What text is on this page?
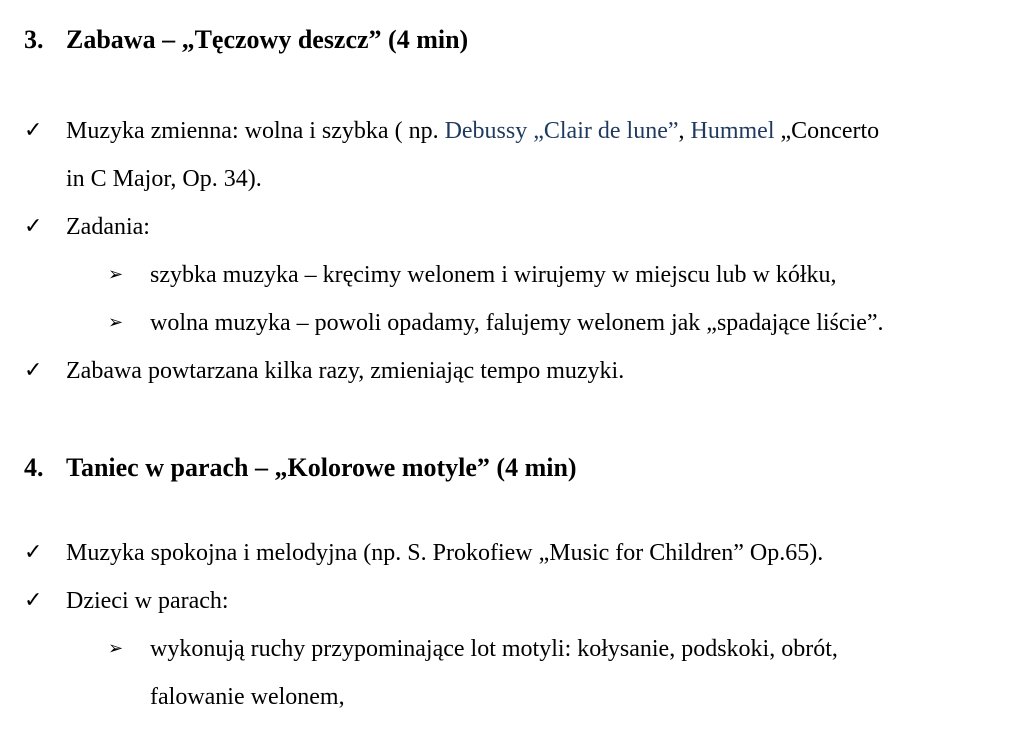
3. Zabawa – „Tęczowy deszcz” (4 min)
✓ Muzyka zmienna: wolna i szybka ( np. Debussy „Clair de lune”, Hummel „Concerto
in C Major, Op. 34).
✓ Zadania:
➢ szybka muzyka – kręcimy welonem i wirujemy w miejscu lub w kółku,
➢ wolna muzyka – powoli opadamy, falujemy welonem jak „spadające liście”.
✓ Zabawa powtarzana kilka razy, zmieniając tempo muzyki.
4. Taniec w parach – „Kolorowe motyle” (4 min)
✓ Muzyka spokojna i melodyjna (np. S. Prokofiew „Music for Children” Op.65).
✓ Dzieci w parach:
➢ wykonują ruchy przypominające lot motyli: kołysanie, podskoki, obrót,
falowanie welonem,
